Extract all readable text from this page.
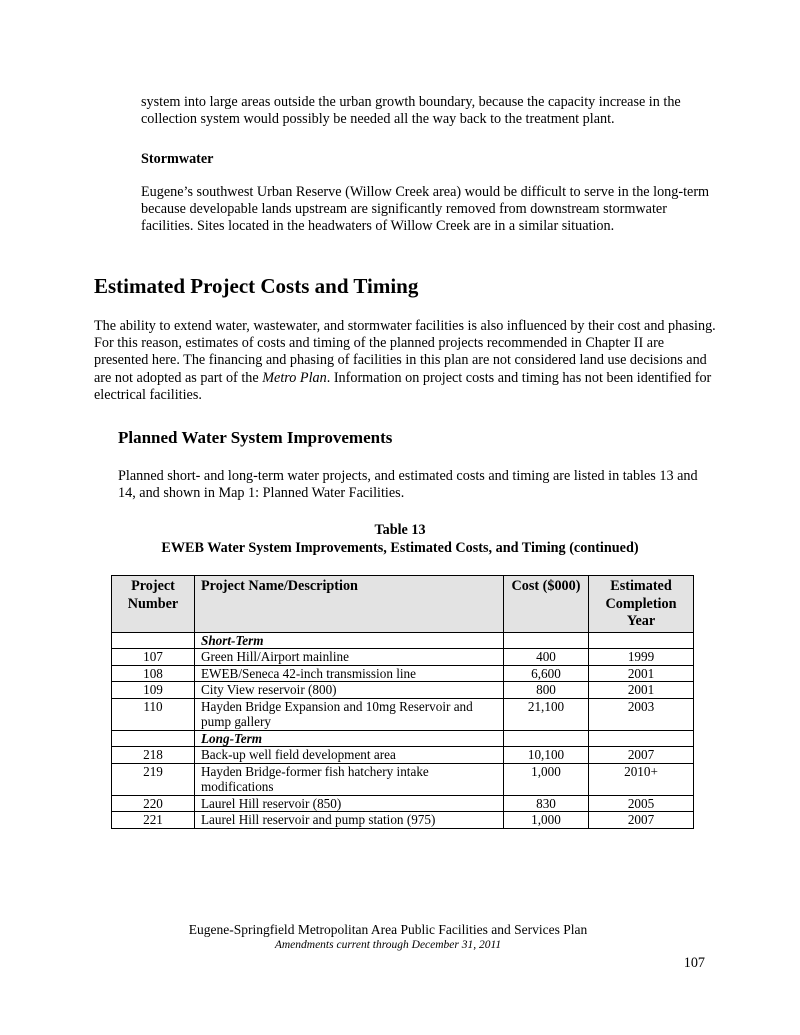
system into large areas outside the urban growth boundary, because the capacity increase in the collection system would possibly be needed all the way back to the treatment plant.
Stormwater
Eugene’s southwest Urban Reserve (Willow Creek area) would be difficult to serve in the long-term because developable lands upstream are significantly removed from downstream stormwater facilities. Sites located in the headwaters of Willow Creek are in a similar situation.
Estimated Project Costs and Timing
The ability to extend water, wastewater, and stormwater facilities is also influenced by their cost and phasing. For this reason, estimates of costs and timing of the planned projects recommended in Chapter II are presented here. The financing and phasing of facilities in this plan are not considered land use decisions and are not adopted as part of the Metro Plan. Information on project costs and timing has not been identified for electrical facilities.
Planned Water System Improvements
Planned short- and long-term water projects, and estimated costs and timing are listed in tables 13 and 14, and shown in Map 1: Planned Water Facilities.
Table 13
EWEB Water System Improvements, Estimated Costs, and Timing (continued)
Project Number	Project Name/Description	Cost ($000)	Estimated Completion Year
	Short-Term		
107	Green Hill/Airport mainline	400	1999
108	EWEB/Seneca 42-inch transmission line	6,600	2001
109	City View reservoir (800)	800	2001
110	Hayden Bridge Expansion and 10mg Reservoir and pump gallery	21,100	2003
	Long-Term		
218	Back-up well field development area	10,100	2007
219	Hayden Bridge-former fish hatchery intake modifications	1,000	2010+
220	Laurel Hill reservoir (850)	830	2005
221	Laurel Hill reservoir and pump station (975)	1,000	2007
Eugene-Springfield Metropolitan Area Public Facilities and Services Plan
Amendments current through December 31, 2011
107
